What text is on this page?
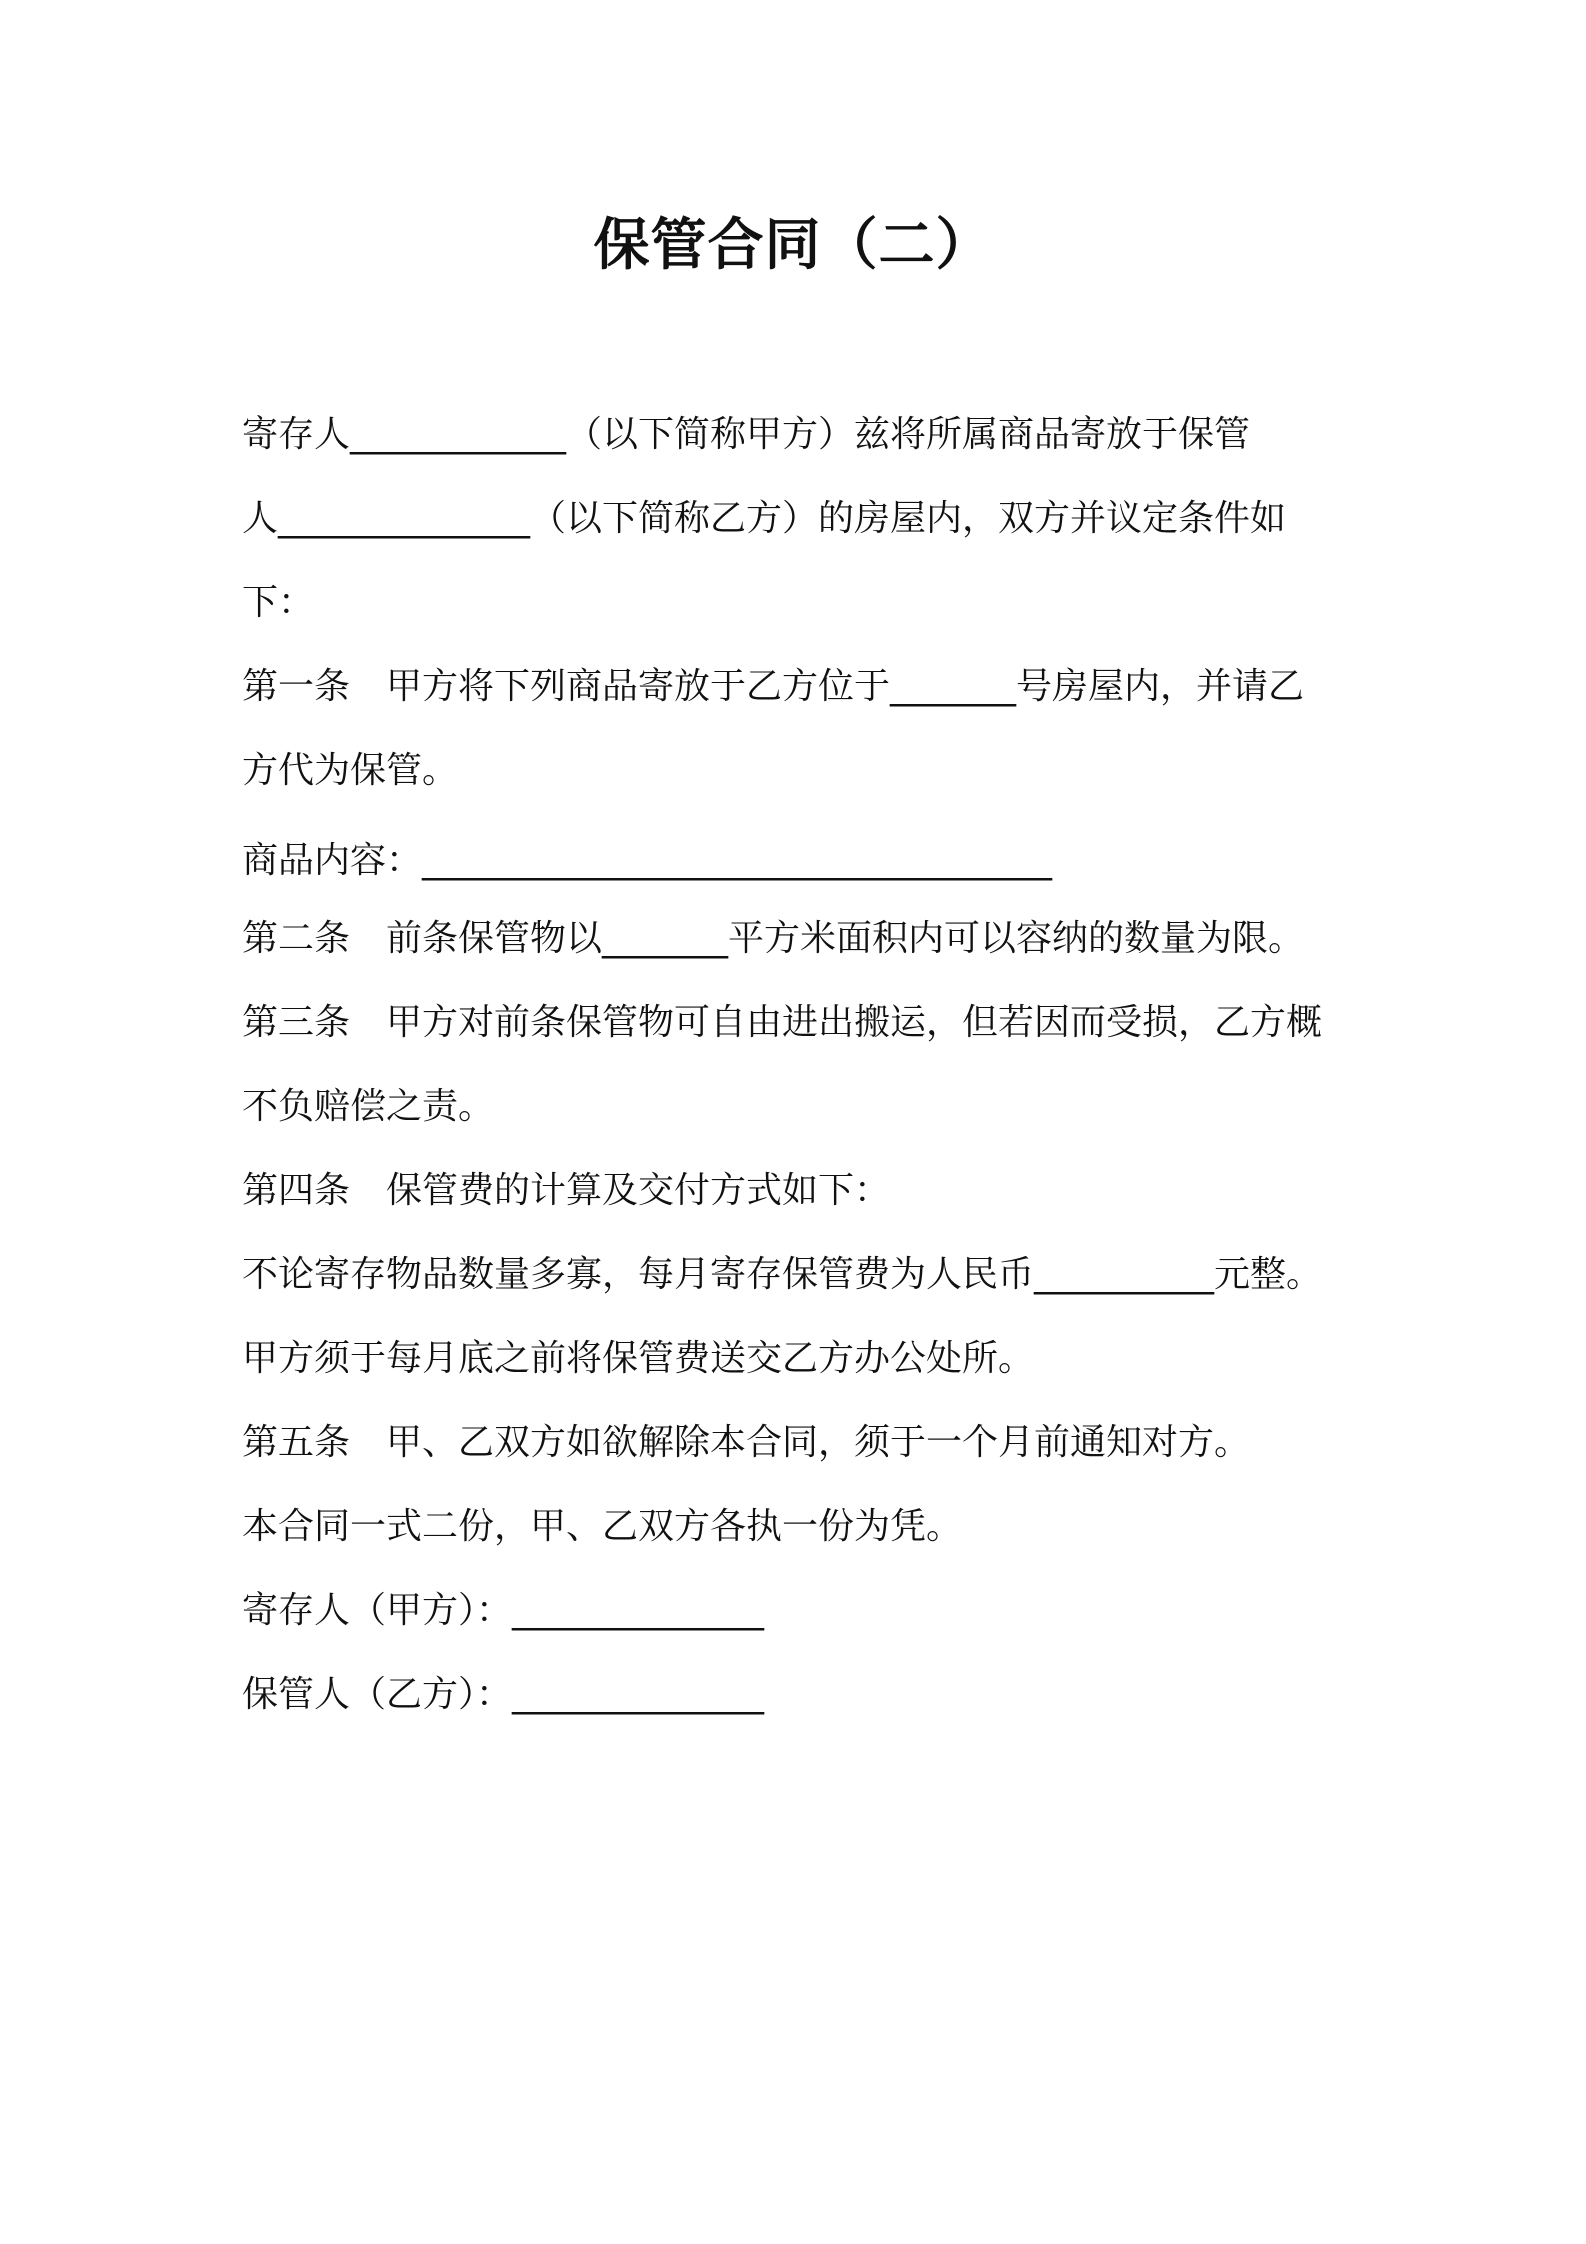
保管合同（二）
寄存人____________（以下简称甲方）兹将所属商品寄放于保管
人______________（以下简称乙方）的房屋内，双方并议定条件如
下：
第一条　甲方将下列商品寄放于乙方位于_______号房屋内，并请乙
方代为保管。
商品内容：___________________________________
第二条　前条保管物以_______平方米面积内可以容纳的数量为限。
第三条　甲方对前条保管物可自由进出搬运，但若因而受损，乙方概
不负赔偿之责。
第四条　保管费的计算及交付方式如下：
不论寄存物品数量多寡，每月寄存保管费为人民币__________元整。
甲方须于每月底之前将保管费送交乙方办公处所。
第五条　甲、乙双方如欲解除本合同，须于一个月前通知对方。
本合同一式二份，甲、乙双方各执一份为凭。
寄存人（甲方）：______________
保管人（乙方）：______________
